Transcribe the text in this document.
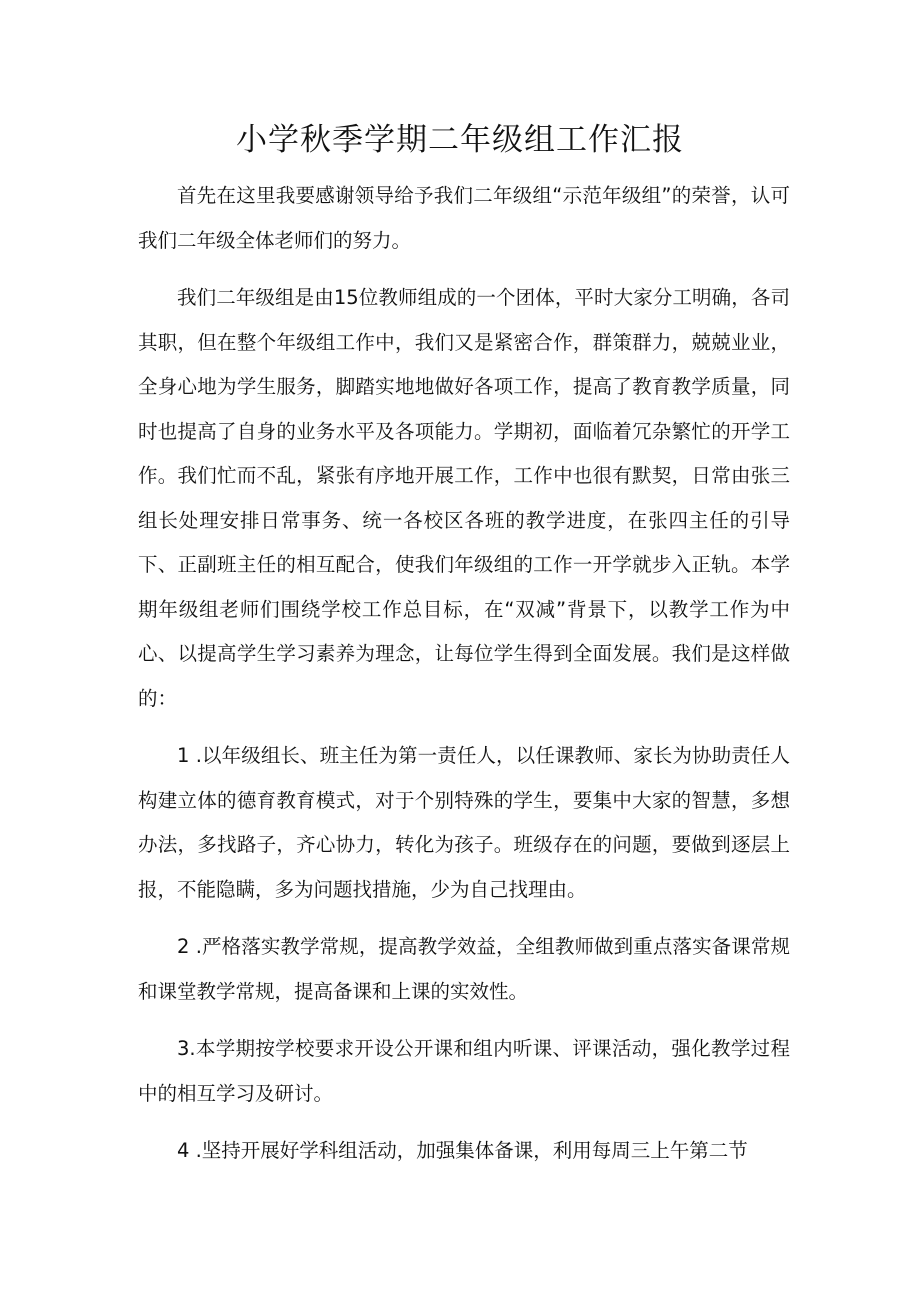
小学秋季学期二年级组工作汇报

首先在这里我要感谢领导给予我们二年级组“示范年级组”的荣誉，认可我们二年级全体老师们的努力。

我们二年级组是由15位教师组成的一个团体，平时大家分工明确，各司其职，但在整个年级组工作中，我们又是紧密合作，群策群力，兢兢业业，全身心地为学生服务，脚踏实地地做好各项工作，提高了教育教学质量，同时也提高了自身的业务水平及各项能力。学期初，面临着冗杂繁忙的开学工作。我们忙而不乱，紧张有序地开展工作，工作中也很有默契，日常由张三组长处理安排日常事务、统一各校区各班的教学进度，在张四主任的引导下、正副班主任的相互配合，使我们年级组的工作一开学就步入正轨。本学期年级组老师们围绕学校工作总目标，在“双减”背景下，以教学工作为中心、以提高学生学习素养为理念，让每位学生得到全面发展。我们是这样做的：

1 .以年级组长、班主任为第一责任人，以任课教师、家长为协助责任人构建立体的德育教育模式，对于个别特殊的学生，要集中大家的智慧，多想办法，多找路子，齐心协力，转化为孩子。班级存在的问题，要做到逐层上报，不能隐瞒，多为问题找措施，少为自己找理由。

2 .严格落实教学常规，提高教学效益，全组教师做到重点落实备课常规和课堂教学常规，提高备课和上课的实效性。

3.本学期按学校要求开设公开课和组内听课、评课活动，强化教学过程中的相互学习及研讨。

4 .坚持开展好学科组活动，加强集体备课，利用每周三上午第二节
